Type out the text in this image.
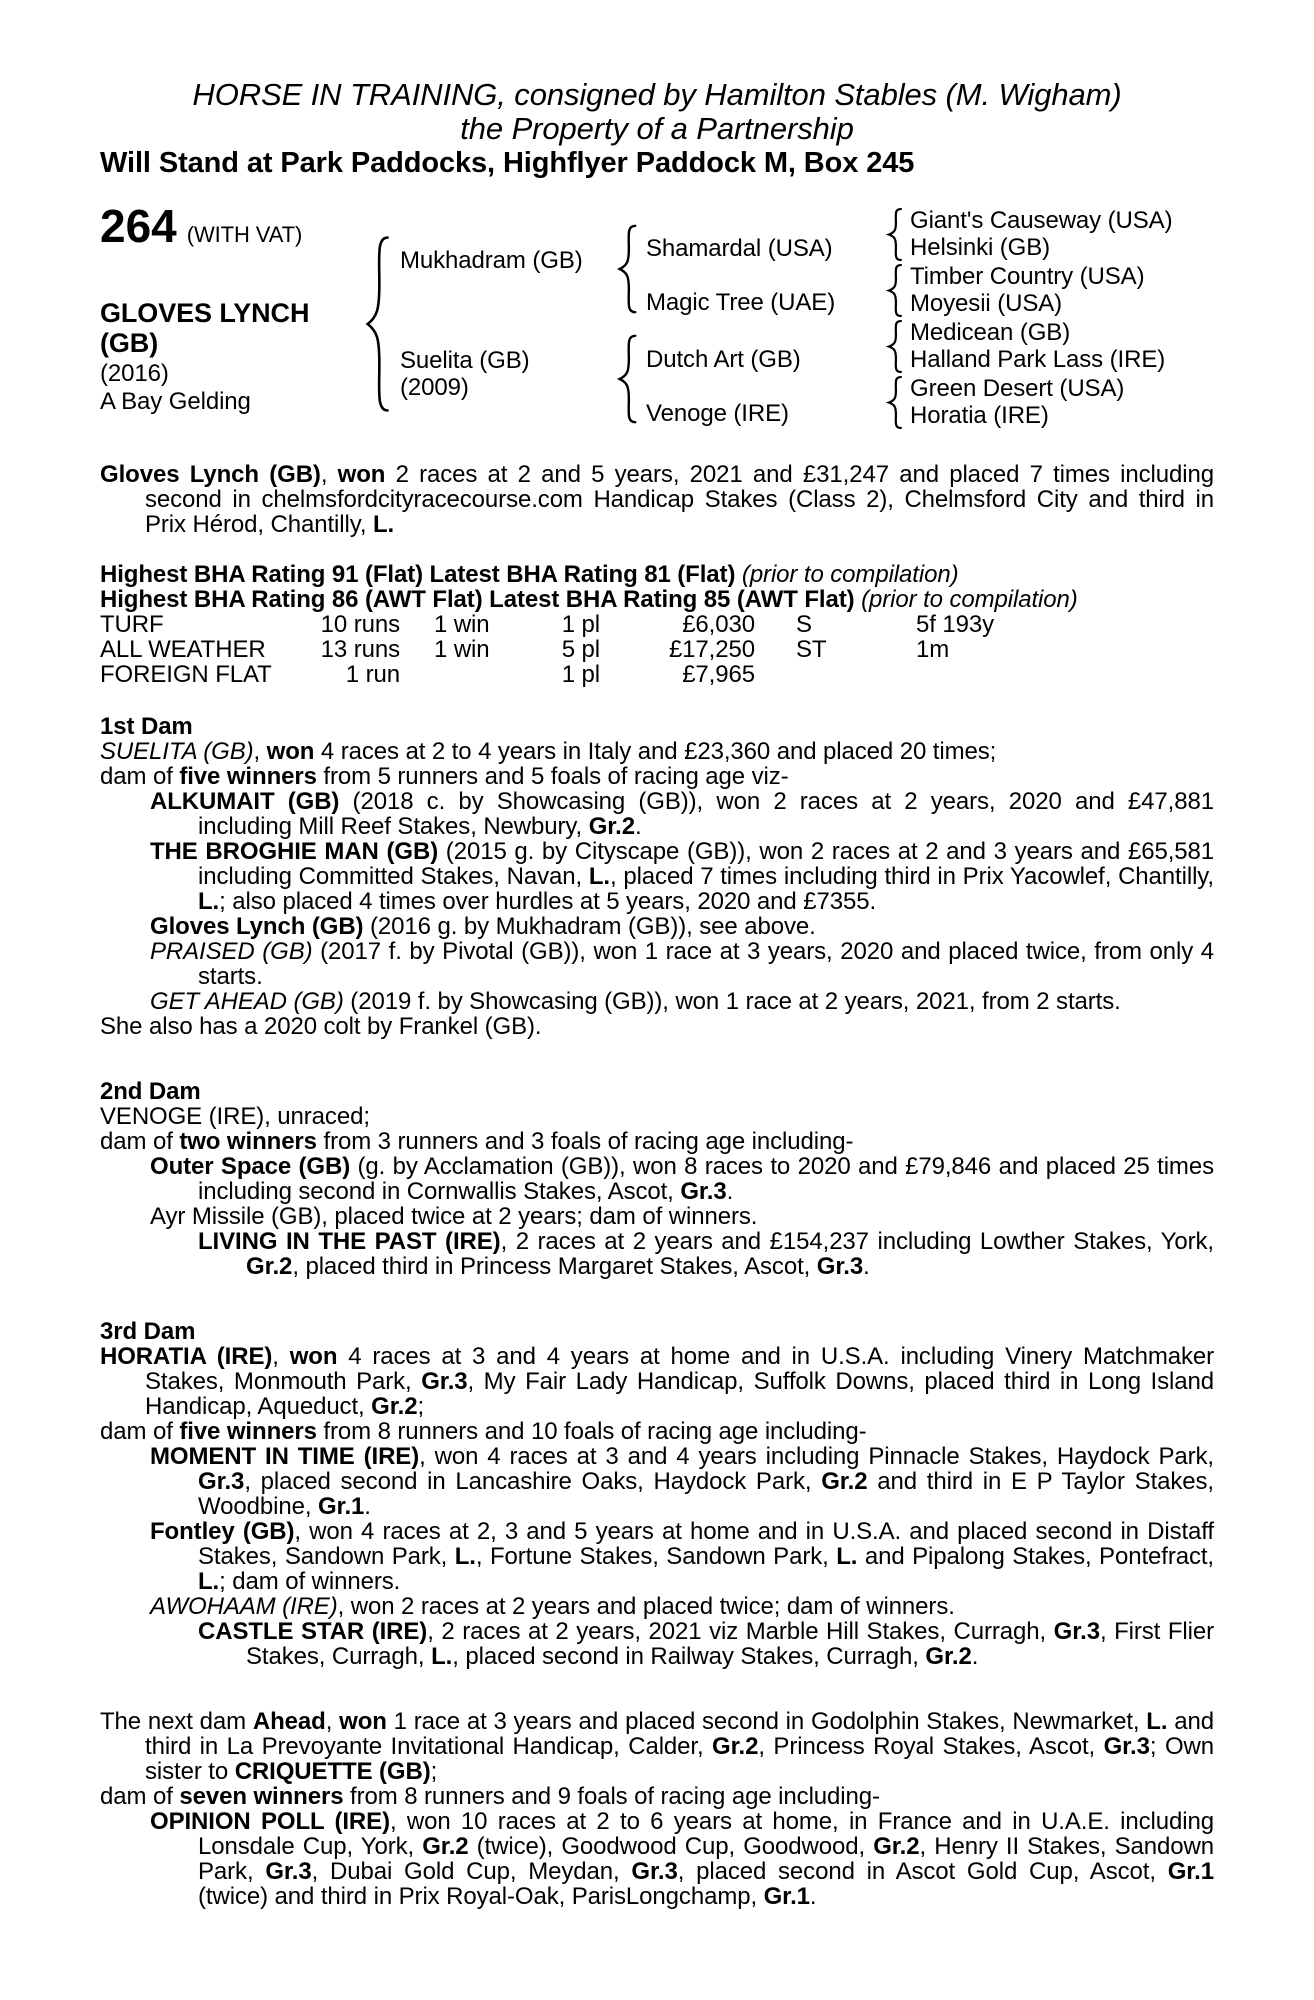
HORSE IN TRAINING, consigned by Hamilton Stables (M. Wigham)

the Property of a Partnership

Will Stand at Park Paddocks, Highflyer Paddock M, Box 245

264 (WITH VAT)
GLOVES LYNCH
(GB)
(2016)
A Bay Gelding
Mukhadram (GB)
Suelita (GB)
(2009)
Shamardal (USA)
Magic Tree (UAE)
Dutch Art (GB)
Venoge (IRE)
Giant's Causeway (USA)
Helsinki (GB)
Timber Country (USA)
Moyesii (USA)
Medicean (GB)
Halland Park Lass (IRE)
Green Desert (USA)
Horatia (IRE)

Gloves Lynch (GB), won 2 races at 2 and 5 years, 2021 and £31,247 and placed 7 times including second in chelmsfordcityracecourse.com Handicap Stakes (Class 2), Chelmsford City and third in Prix Hérod, Chantilly, L.

Highest BHA Rating 91 (Flat) Latest BHA Rating 81 (Flat) (prior to compilation)

Highest BHA Rating 86 (AWT Flat) Latest BHA Rating 85 (AWT Flat) (prior to compilation)

TURF	10 runs 1 win	1 pl	£6,030 S	5f 193y
ALL WEATHER	13 runs 1 win	5 pl	£17,250 ST	1m
FOREIGN FLAT	1 run	1 pl	£7,965

1st Dam

SUELITA (GB), won 4 races at 2 to 4 years in Italy and £23,360 and placed 20 times;

dam of five winners from 5 runners and 5 foals of racing age viz-

ALKUMAIT (GB) (2018 c. by Showcasing (GB)), won 2 races at 2 years, 2020 and £47,881 including Mill Reef Stakes, Newbury, Gr.2.

THE BROGHIE MAN (GB) (2015 g. by Cityscape (GB)), won 2 races at 2 and 3 years and £65,581 including Committed Stakes, Navan, L., placed 7 times including third in Prix Yacowlef, Chantilly, L.; also placed 4 times over hurdles at 5 years, 2020 and £7355.

Gloves Lynch (GB) (2016 g. by Mukhadram (GB)), see above.

PRAISED (GB) (2017 f. by Pivotal (GB)), won 1 race at 3 years, 2020 and placed twice, from only 4 starts.

GET AHEAD (GB) (2019 f. by Showcasing (GB)), won 1 race at 2 years, 2021, from 2 starts.

She also has a 2020 colt by Frankel (GB).

2nd Dam

VENOGE (IRE), unraced;

dam of two winners from 3 runners and 3 foals of racing age including-

Outer Space (GB) (g. by Acclamation (GB)), won 8 races to 2020 and £79,846 and placed 25 times including second in Cornwallis Stakes, Ascot, Gr.3.

Ayr Missile (GB), placed twice at 2 years; dam of winners.

LIVING IN THE PAST (IRE), 2 races at 2 years and £154,237 including Lowther Stakes, York, Gr.2, placed third in Princess Margaret Stakes, Ascot, Gr.3.

3rd Dam

HORATIA (IRE), won 4 races at 3 and 4 years at home and in U.S.A. including Vinery Matchmaker Stakes, Monmouth Park, Gr.3, My Fair Lady Handicap, Suffolk Downs, placed third in Long Island Handicap, Aqueduct, Gr.2;

dam of five winners from 8 runners and 10 foals of racing age including-

MOMENT IN TIME (IRE), won 4 races at 3 and 4 years including Pinnacle Stakes, Haydock Park, Gr.3, placed second in Lancashire Oaks, Haydock Park, Gr.2 and third in E P Taylor Stakes, Woodbine, Gr.1.

Fontley (GB), won 4 races at 2, 3 and 5 years at home and in U.S.A. and placed second in Distaff Stakes, Sandown Park, L., Fortune Stakes, Sandown Park, L. and Pipalong Stakes, Pontefract, L.; dam of winners.

AWOHAAM (IRE), won 2 races at 2 years and placed twice; dam of winners.

CASTLE STAR (IRE), 2 races at 2 years, 2021 viz Marble Hill Stakes, Curragh, Gr.3, First Flier Stakes, Curragh, L., placed second in Railway Stakes, Curragh, Gr.2.

The next dam Ahead, won 1 race at 3 years and placed second in Godolphin Stakes, Newmarket, L. and third in La Prevoyante Invitational Handicap, Calder, Gr.2, Princess Royal Stakes, Ascot, Gr.3; Own sister to CRIQUETTE (GB);

dam of seven winners from 8 runners and 9 foals of racing age including-

OPINION POLL (IRE), won 10 races at 2 to 6 years at home, in France and in U.A.E. including Lonsdale Cup, York, Gr.2 (twice), Goodwood Cup, Goodwood, Gr.2, Henry II Stakes, Sandown Park, Gr.3, Dubai Gold Cup, Meydan, Gr.3, placed second in Ascot Gold Cup, Ascot, Gr.1 (twice) and third in Prix Royal-Oak, ParisLongchamp, Gr.1.
